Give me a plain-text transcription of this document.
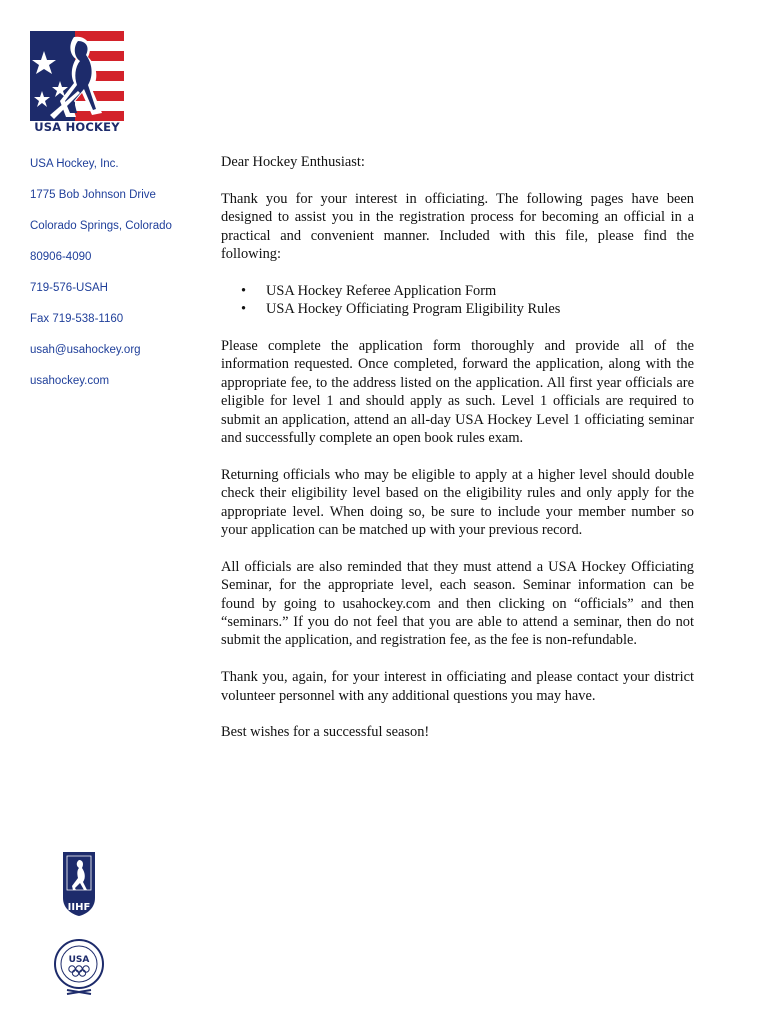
USA HOCKEY
USA Hockey, Inc.
1775 Bob Johnson Drive
Colorado Springs, Colorado
80906-4090
719-576-USAH
Fax 719-538-1160
usah@usahockey.org
usahockey.com

Dear Hockey Enthusiast:

Thank you for your interest in officiating. The following pages have been designed to assist you in the registration process for becoming an official in a practical and convenient manner. Included with this file, please find the following:

• USA Hockey Referee Application Form
• USA Hockey Officiating Program Eligibility Rules

Please complete the application form thoroughly and provide all of the information requested. Once completed, forward the application, along with the appropriate fee, to the address listed on the application. All first year officials are eligible for level 1 and should apply as such. Level 1 officials are required to submit an application, attend an all-day USA Hockey Level 1 officiating seminar and successfully complete an open book rules exam.

Returning officials who may be eligible to apply at a higher level should double check their eligibility level based on the eligibility rules and only apply for the appropriate level. When doing so, be sure to include your member number so your application can be matched up with your previous record.

All officials are also reminded that they must attend a USA Hockey Officiating Seminar, for the appropriate level, each season. Seminar information can be found by going to usahockey.com and then clicking on “officials” and then “seminars.” If you do not feel that you are able to attend a seminar, then do not submit the application, and registration fee, as the fee is non-refundable.

Thank you, again, for your interest in officiating and please contact your district volunteer personnel with any additional questions you may have.

Best wishes for a successful season!

IIHF
USA
